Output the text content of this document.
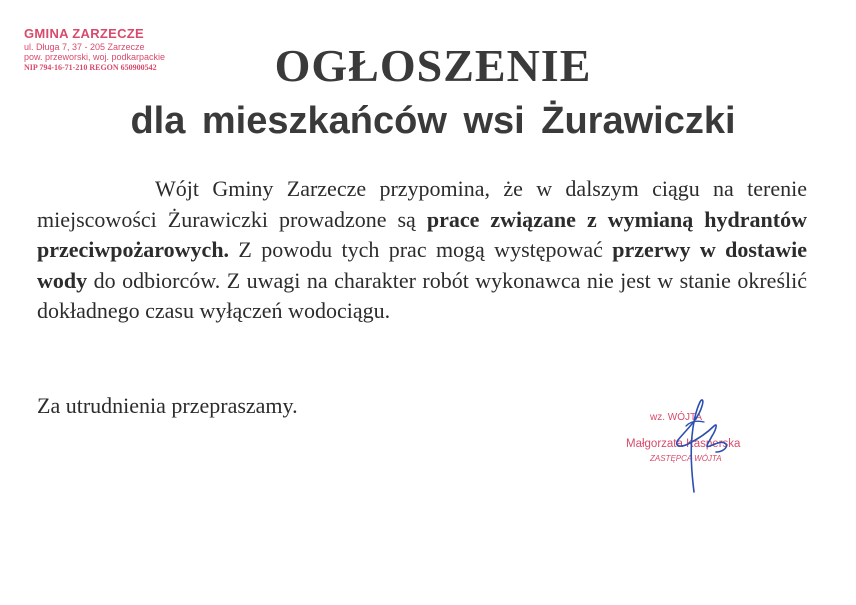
GMINA ZARZECZE
ul. Długa 7, 37 - 205 Zarzecze
pow. przeworski, woj. podkarpackie
NIP 794-16-71-210 REGON 650900542	OGŁOSZENIE
dla mieszkańców wsi Żurawiczki

Wójt Gminy Zarzecze przypomina, że w dalszym ciągu na terenie miejscowości Żurawiczki prowadzone są prace związane z wymianą hydrantów przeciwpożarowych. Z powodu tych prac mogą występować przerwy w dostawie wody do odbiorców. Z uwagi na charakter robót wykonawca nie jest w stanie określić dokładnego czasu wyłączeń wodociągu.

Za utrudnienia przepraszamy.	wz. WÓJTA
Małgorzata Kasperska
ZASTĘPCA WÓJTA
